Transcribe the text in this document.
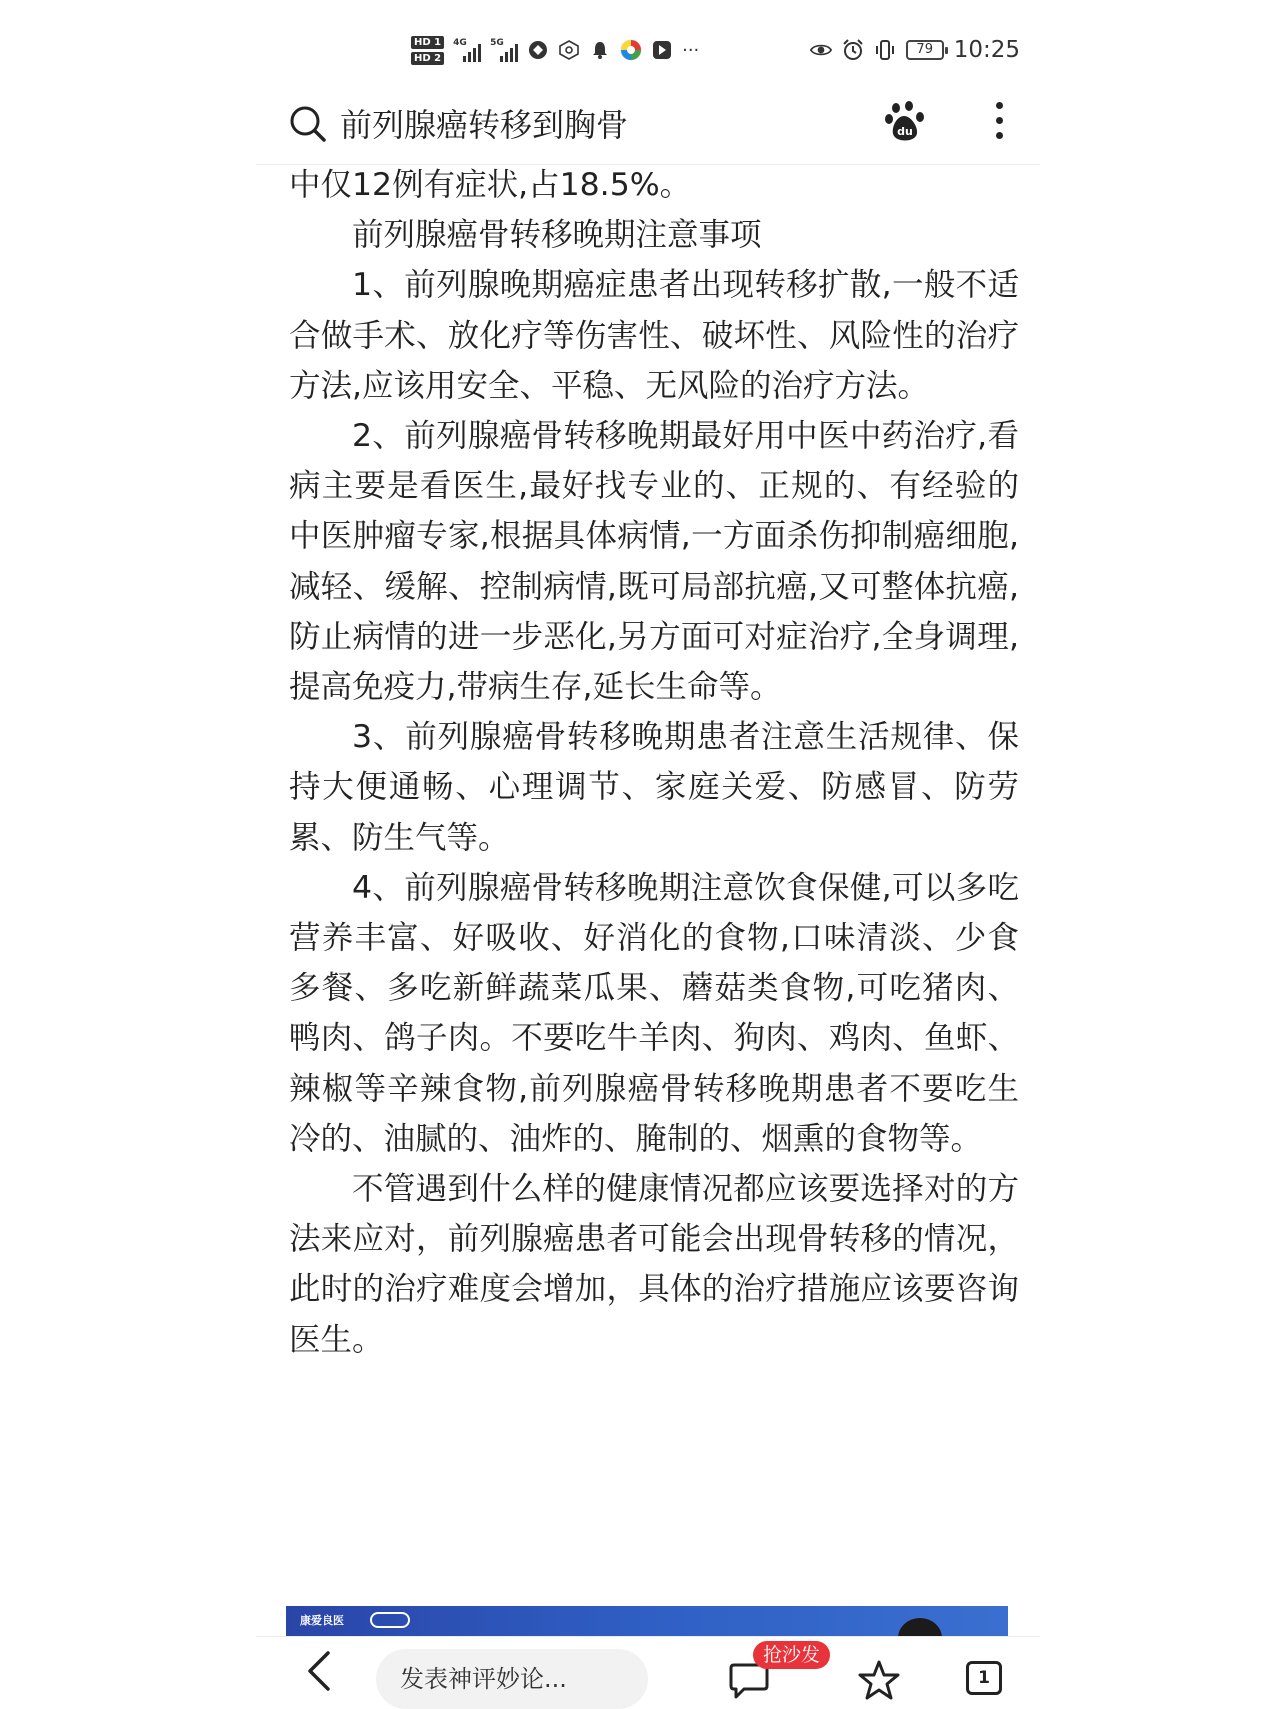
HD 1
HD 2
4G	5G	···	79 10:25
前列腺癌转移到胸骨	du

中仅12例有症状,占18.5%。

前列腺癌骨转移晚期注意事项

1、前列腺晚期癌症患者出现转移扩散,一般不适合做手术、放化疗等伤害性、破坏性、风险性的治疗方法,应该用安全、平稳、无风险的治疗方法。

2、前列腺癌骨转移晚期最好用中医中药治疗,看病主要是看医生,最好找专业的、正规的、有经验的中医肿瘤专家,根据具体病情,一方面杀伤抑制癌细胞,减轻、缓解、控制病情,既可局部抗癌,又可整体抗癌,防止病情的进一步恶化,另方面可对症治疗,全身调理,提高免疫力,带病生存,延长生命等。

3、前列腺癌骨转移晚期患者注意生活规律、保持大便通畅、心理调节、家庭关爱、防感冒、防劳累、防生气等。

4、前列腺癌骨转移晚期注意饮食保健,可以多吃营养丰富、好吸收、好消化的食物,口味清淡、少食多餐、多吃新鲜蔬菜瓜果、蘑菇类食物,可吃猪肉、鸭肉、鸽子肉。不要吃牛羊肉、狗肉、鸡肉、鱼虾、辣椒等辛辣食物,前列腺癌骨转移晚期患者不要吃生冷的、油腻的、油炸的、腌制的、烟熏的食物等。

不管遇到什么样的健康情况都应该要选择对的方法来应对，前列腺癌患者可能会出现骨转移的情况，此时的治疗难度会增加，具体的治疗措施应该要咨询医生。

康爱良医
发表神评妙论...
抢沙发
1
